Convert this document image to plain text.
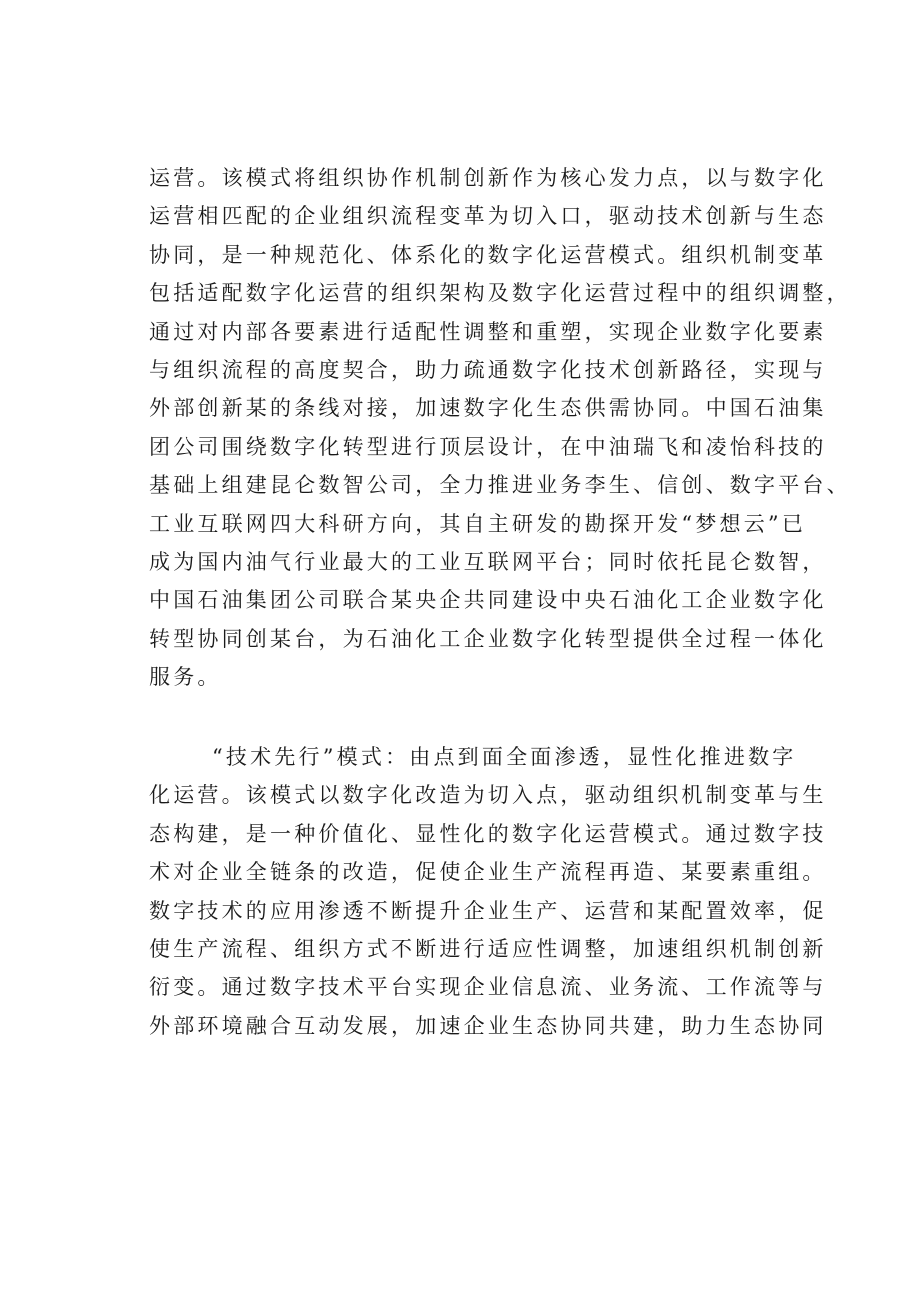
运营。该模式将组织协作机制创新作为核心发力点，以与数字化
运营相匹配的企业组织流程变革为切入口，驱动技术创新与生态
协同，是一种规范化、体系化的数字化运营模式。组织机制变革
包括适配数字化运营的组织架构及数字化运营过程中的组织调整，
通过对内部各要素进行适配性调整和重塑，实现企业数字化要素
与组织流程的高度契合，助力疏通数字化技术创新路径，实现与
外部创新某的条线对接，加速数字化生态供需协同。中国石油集
团公司围绕数字化转型进行顶层设计，在中油瑞飞和凌怡科技的
基础上组建昆仑数智公司，全力推进业务李生、信创、数字平台、
工业互联网四大科研方向，其自主研发的勘探开发“梦想云”已
成为国内油气行业最大的工业互联网平台；同时依托昆仑数智，
中国石油集团公司联合某央企共同建设中央石油化工企业数字化
转型协同创某台，为石油化工企业数字化转型提供全过程一体化
服务。
“技术先行”模式：由点到面全面渗透，显性化推进数字
化运营。该模式以数字化改造为切入点，驱动组织机制变革与生
态构建，是一种价值化、显性化的数字化运营模式。通过数字技
术对企业全链条的改造，促使企业生产流程再造、某要素重组。
数字技术的应用渗透不断提升企业生产、运营和某配置效率，促
使生产流程、组织方式不断进行适应性调整，加速组织机制创新
衍变。通过数字技术平台实现企业信息流、业务流、工作流等与
外部环境融合互动发展，加速企业生态协同共建，助力生态协同
